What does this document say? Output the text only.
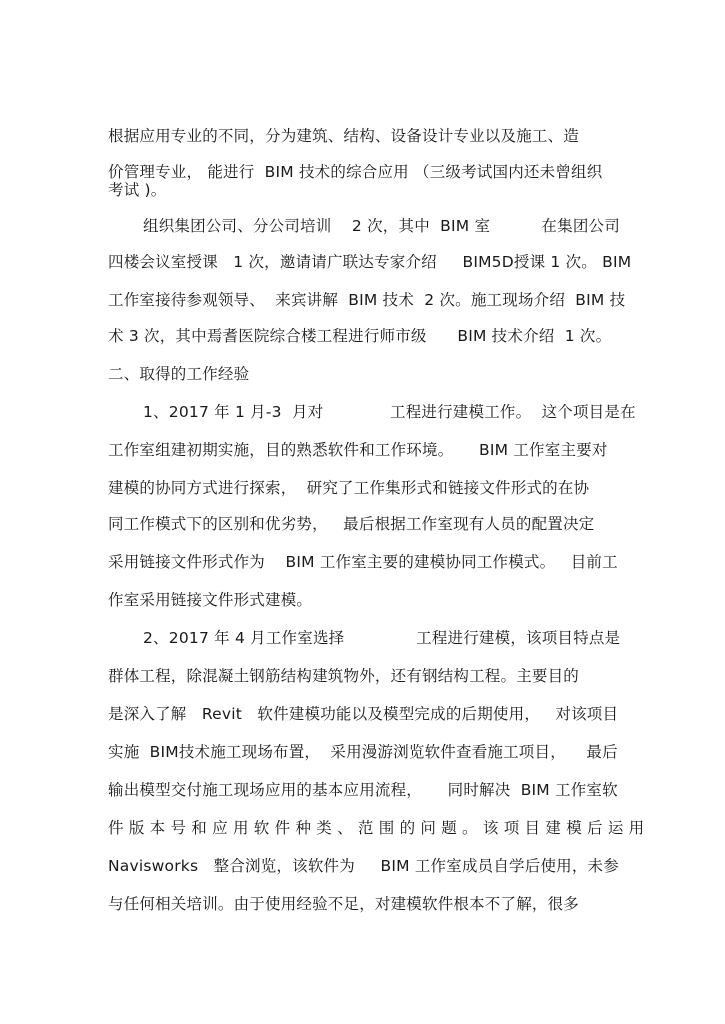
根据应用专业的不同，分为建筑、结构、设备设计专业以及施工、造
价管理专业， 能进行  BIM 技术的综合应用 （三级考试国内还未曾组织
考试 )。
组织集团公司、分公司培训    2 次，其中  BIM 室          在集团公司
四楼会议室授课   1 次，邀请请广联达专家介绍     BIM5D授课 1 次。 BIM
工作室接待参观领导、  来宾讲解  BIM 技术  2 次。施工现场介绍  BIM 技
术 3 次，其中焉耆医院综合楼工程进行师市级      BIM 技术介绍  1 次。
二、取得的工作经验
1、2017 年 1 月-3  月对             工程进行建模工作。  这个项目是在
工作室组建初期实施，目的熟悉软件和工作环境。     BIM 工作室主要对
建模的协同方式进行探索，  研究了工作集形式和链接文件形式的在协
同工作模式下的区别和优劣势，   最后根据工作室现有人员的配置决定
采用链接文件形式作为    BIM 工作室主要的建模协同工作模式。   目前工
作室采用链接文件形式建模。
2、2017 年 4 月工作室选择              工程进行建模，该项目特点是
群体工程，除混凝土钢筋结构建筑物外，还有钢结构工程。主要目的
是深入了解   Revit   软件建模功能以及模型完成的后期使用，   对该项目
实施  BIM技术施工现场布置，  采用漫游浏览软件查看施工项目，    最后
输出模型交付施工现场应用的基本应用流程，     同时解决  BIM 工作室软
件 版 本 号 和 应 用 软 件 种 类 、 范 围 的 问 题 。 该 项 目 建 模 后 运 用
Navisworks   整合浏览，该软件为     BIM 工作室成员自学后使用，未参
与任何相关培训。由于使用经验不足，对建模软件根本不了解，很多
